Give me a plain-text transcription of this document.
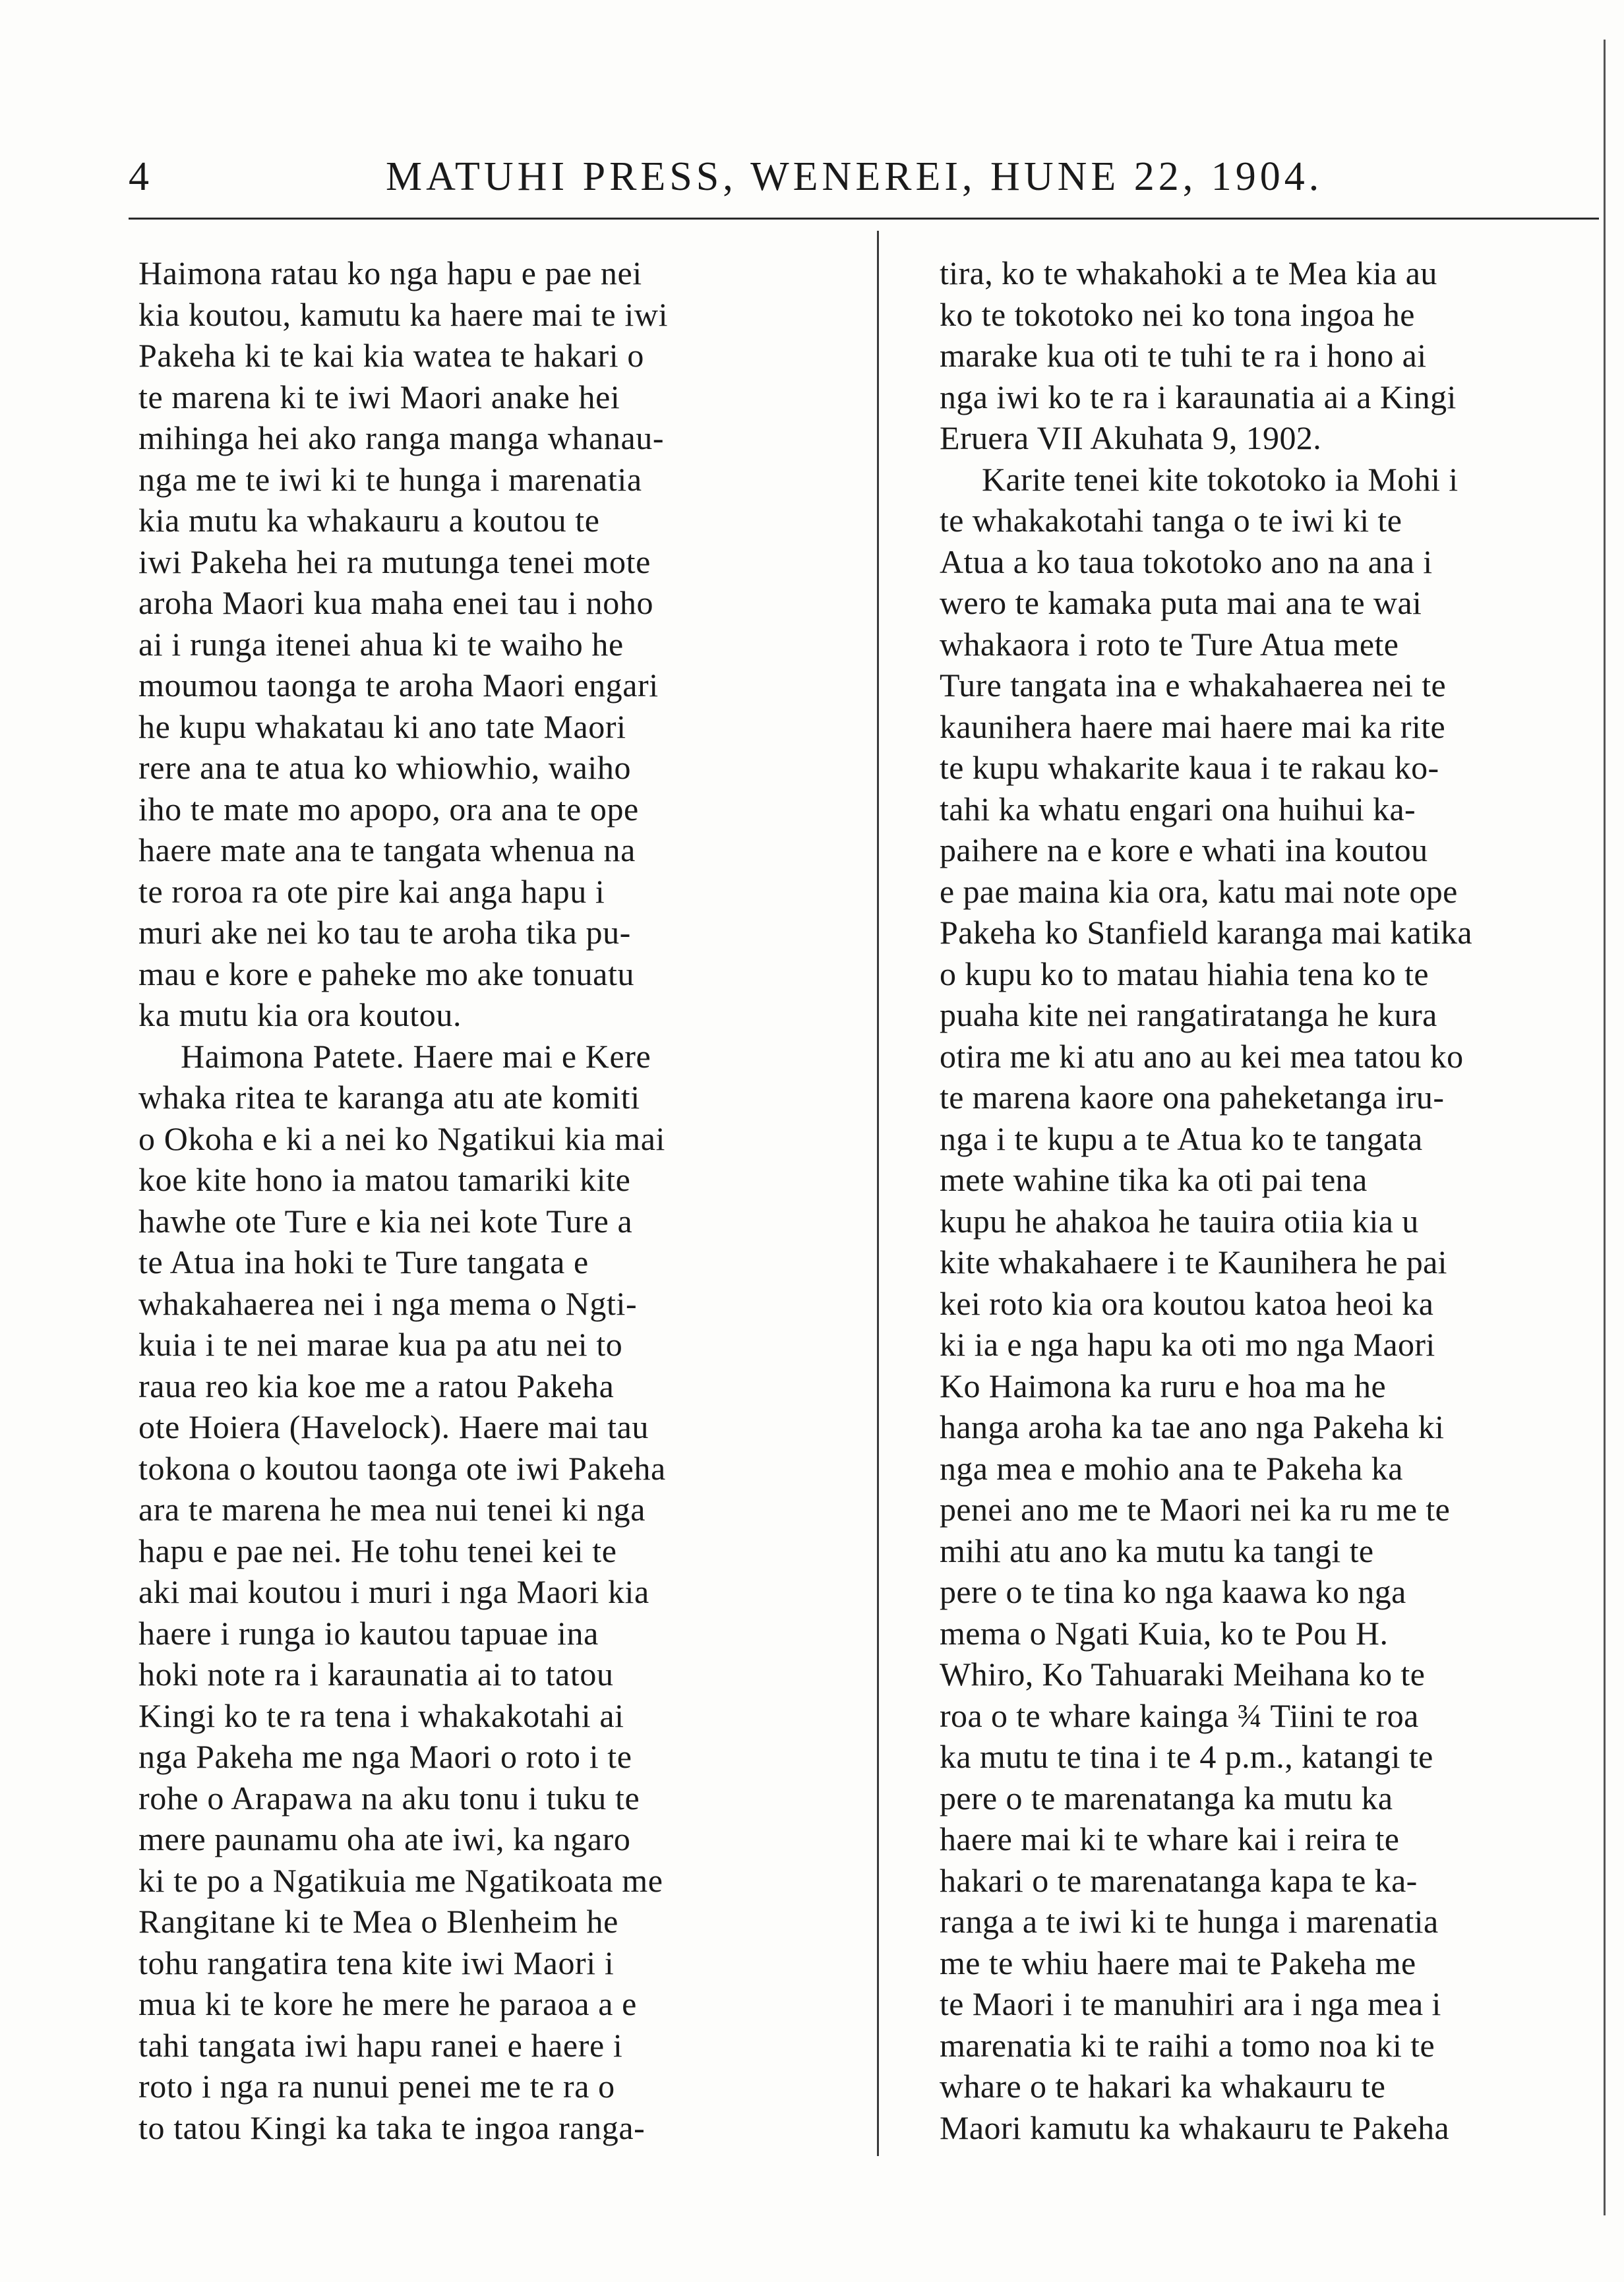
4	MATUHI PRESS, WENEREI, HUNE 22, 1904.
Haimona ratau ko nga hapu e pae nei
kia koutou, kamutu ka haere mai te iwi
Pakeha ki te kai kia watea te hakari o
te marena ki te iwi Maori anake hei
mihinga hei ako ranga manga whanau-
nga me te iwi ki te hunga i marenatia
kia mutu ka whakauru a koutou te
iwi Pakeha hei ra mutunga tenei mote
aroha Maori kua maha enei tau i noho
ai i runga itenei ahua ki te waiho he
moumou taonga te aroha Maori engari
he kupu whakatau ki ano tate Maori
rere ana te atua ko whiowhio, waiho
iho te mate mo apopo, ora ana te ope
haere mate ana te tangata whenua na
te roroa ra ote pire kai anga hapu i
muri ake nei ko tau te aroha tika pu-
mau e kore e paheke mo ake tonuatu
ka mutu kia ora koutou.
Haimona Patete. Haere mai e Kere
whaka ritea te karanga atu ate komiti
o Okoha e ki a nei ko Ngatikui kia mai
koe kite hono ia matou tamariki kite
hawhe ote Ture e kia nei kote Ture a
te Atua ina hoki te Ture tangata e
whakahaerea nei i nga mema o Ngti-
kuia i te nei marae kua pa atu nei to
raua reo kia koe me a ratou Pakeha
ote Hoiera (Havelock). Haere mai tau
tokona o koutou taonga ote iwi Pakeha
ara te marena he mea nui tenei ki nga
hapu e pae nei. He tohu tenei kei te
aki mai koutou i muri i nga Maori kia
haere i runga io kautou tapuae ina
hoki note ra i karaunatia ai to tatou
Kingi ko te ra tena i whakakotahi ai
nga Pakeha me nga Maori o roto i te
rohe o Arapawa na aku tonu i tuku te
mere paunamu oha ate iwi, ka ngaro
ki te po a Ngatikuia me Ngatikoata me
Rangitane ki te Mea o Blenheim he
tohu rangatira tena kite iwi Maori i
mua ki te kore he mere he paraoa a e
tahi tangata iwi hapu ranei e haere i
roto i nga ra nunui penei me te ra o
to tatou Kingi ka taka te ingoa ranga-
tira, ko te whakahoki a te Mea kia au
ko te tokotoko nei ko tona ingoa he
marake kua oti te tuhi te ra i hono ai
nga iwi ko te ra i karaunatia ai a Kingi
Eruera VII Akuhata 9, 1902.
Karite tenei kite tokotoko ia Mohi i
te whakakotahi tanga o te iwi ki te
Atua a ko taua tokotoko ano na ana i
wero te kamaka puta mai ana te wai
whakaora i roto te Ture Atua mete
Ture tangata ina e whakahaerea nei te
kaunihera haere mai haere mai ka rite
te kupu whakarite kaua i te rakau ko-
tahi ka whatu engari ona huihui ka-
paihere na e kore e whati ina koutou
e pae maina kia ora, katu mai note ope
Pakeha ko Stanfield karanga mai katika
o kupu ko to matau hiahia tena ko te
puaha kite nei rangatiratanga he kura
otira me ki atu ano au kei mea tatou ko
te marena kaore ona paheketanga iru-
nga i te kupu a te Atua ko te tangata
mete wahine tika ka oti pai tena
kupu he ahakoa he tauira otiia kia u
kite whakahaere i te Kaunihera he pai
kei roto kia ora koutou katoa heoi ka
ki ia e nga hapu ka oti mo nga Maori
Ko Haimona ka ruru e hoa ma he
hanga aroha ka tae ano nga Pakeha ki
nga mea e mohio ana te Pakeha ka
penei ano me te Maori nei ka ru me te
mihi atu ano ka mutu ka tangi te
pere o te tina ko nga kaawa ko nga
mema o Ngati Kuia, ko te Pou H.
Whiro, Ko Tahuaraki Meihana ko te
roa o te whare kainga ¾ Tiini te roa
ka mutu te tina i te 4 p.m., katangi te
pere o te marenatanga ka mutu ka
haere mai ki te whare kai i reira te
hakari o te marenatanga kapa te ka-
ranga a te iwi ki te hunga i marenatia
me te whiu haere mai te Pakeha me
te Maori i te manuhiri ara i nga mea i
marenatia ki te raihi a tomo noa ki te
whare o te hakari ka whakauru te
Maori kamutu ka whakauru te Pakeha
